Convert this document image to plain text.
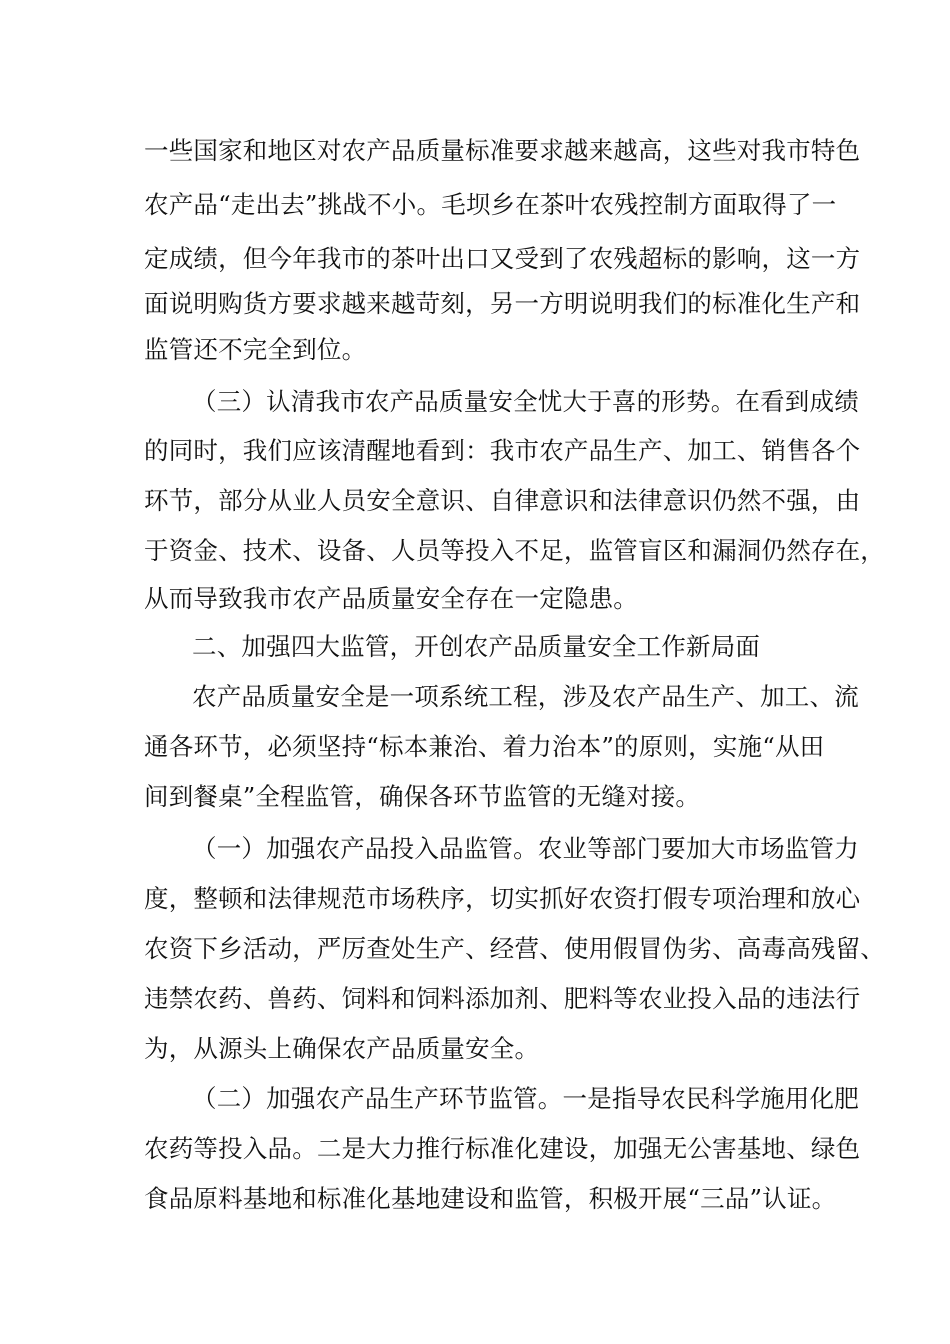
一些国家和地区对农产品质量标准要求越来越高，这些对我市特色
农产品“走出去”挑战不小。毛坝乡在茶叶农残控制方面取得了一
定成绩，但今年我市的茶叶出口又受到了农残超标的影响，这一方
面说明购货方要求越来越苛刻，另一方明说明我们的标准化生产和
监管还不完全到位。
（三）认清我市农产品质量安全忧大于喜的形势。在看到成绩
的同时，我们应该清醒地看到：我市农产品生产、加工、销售各个
环节，部分从业人员安全意识、自律意识和法律意识仍然不强，由
于资金、技术、设备、人员等投入不足，监管盲区和漏洞仍然存在，
从而导致我市农产品质量安全存在一定隐患。
二、加强四大监管，开创农产品质量安全工作新局面
农产品质量安全是一项系统工程，涉及农产品生产、加工、流
通各环节，必须坚持“标本兼治、着力治本”的原则，实施“从田
间到餐桌”全程监管，确保各环节监管的无缝对接。
（一）加强农产品投入品监管。农业等部门要加大市场监管力
度，整顿和法律规范市场秩序，切实抓好农资打假专项治理和放心
农资下乡活动，严厉查处生产、经营、使用假冒伪劣、高毒高残留、
违禁农药、兽药、饲料和饲料添加剂、肥料等农业投入品的违法行
为，从源头上确保农产品质量安全。
（二）加强农产品生产环节监管。一是指导农民科学施用化肥
农药等投入品。二是大力推行标准化建设，加强无公害基地、绿色
食品原料基地和标准化基地建设和监管，积极开展“三品”认证。
